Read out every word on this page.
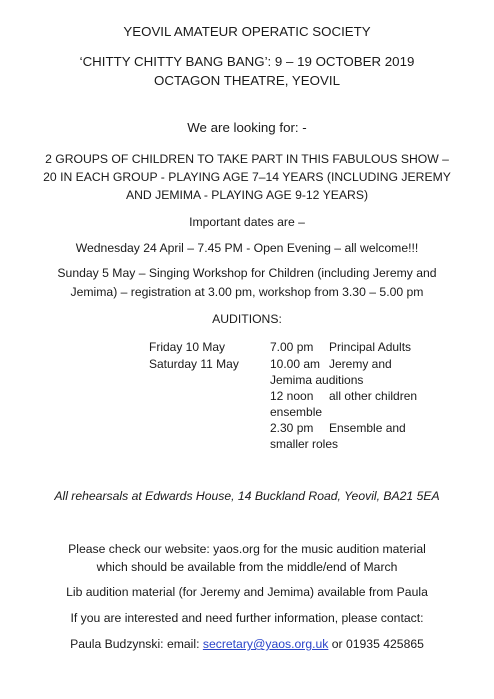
YEOVIL AMATEUR OPERATIC SOCIETY
‘CHITTY CHITTY BANG BANG’: 9 – 19 OCTOBER 2019
OCTAGON THEATRE, YEOVIL
We are looking for: -
2 GROUPS OF CHILDREN TO TAKE PART IN THIS FABULOUS SHOW –
20 IN EACH GROUP - PLAYING AGE 7–14 YEARS (INCLUDING JEREMY
AND JEMIMA - PLAYING AGE 9-12 YEARS)
Important dates are –
Wednesday 24 April – 7.45 PM - Open Evening – all welcome!!!
Sunday 5 May – Singing Workshop for Children (including Jeremy and
Jemima) – registration at 3.00 pm, workshop from 3.30 – 5.00 pm
AUDITIONS:
Friday 10 May
Saturday 11 May
7.00 pm Principal Adults
10.00 am Jeremy and
Jemima auditions
12 noon all other children
ensemble
2.30 pm Ensemble and
smaller roles
All rehearsals at Edwards House, 14 Buckland Road, Yeovil, BA21 5EA
Please check our website: yaos.org for the music audition material
which should be available from the middle/end of March
Lib audition material (for Jeremy and Jemima) available from Paula
If you are interested and need further information, please contact:
Paula Budzynski: email: secretary@yaos.org.uk or 01935 425865
